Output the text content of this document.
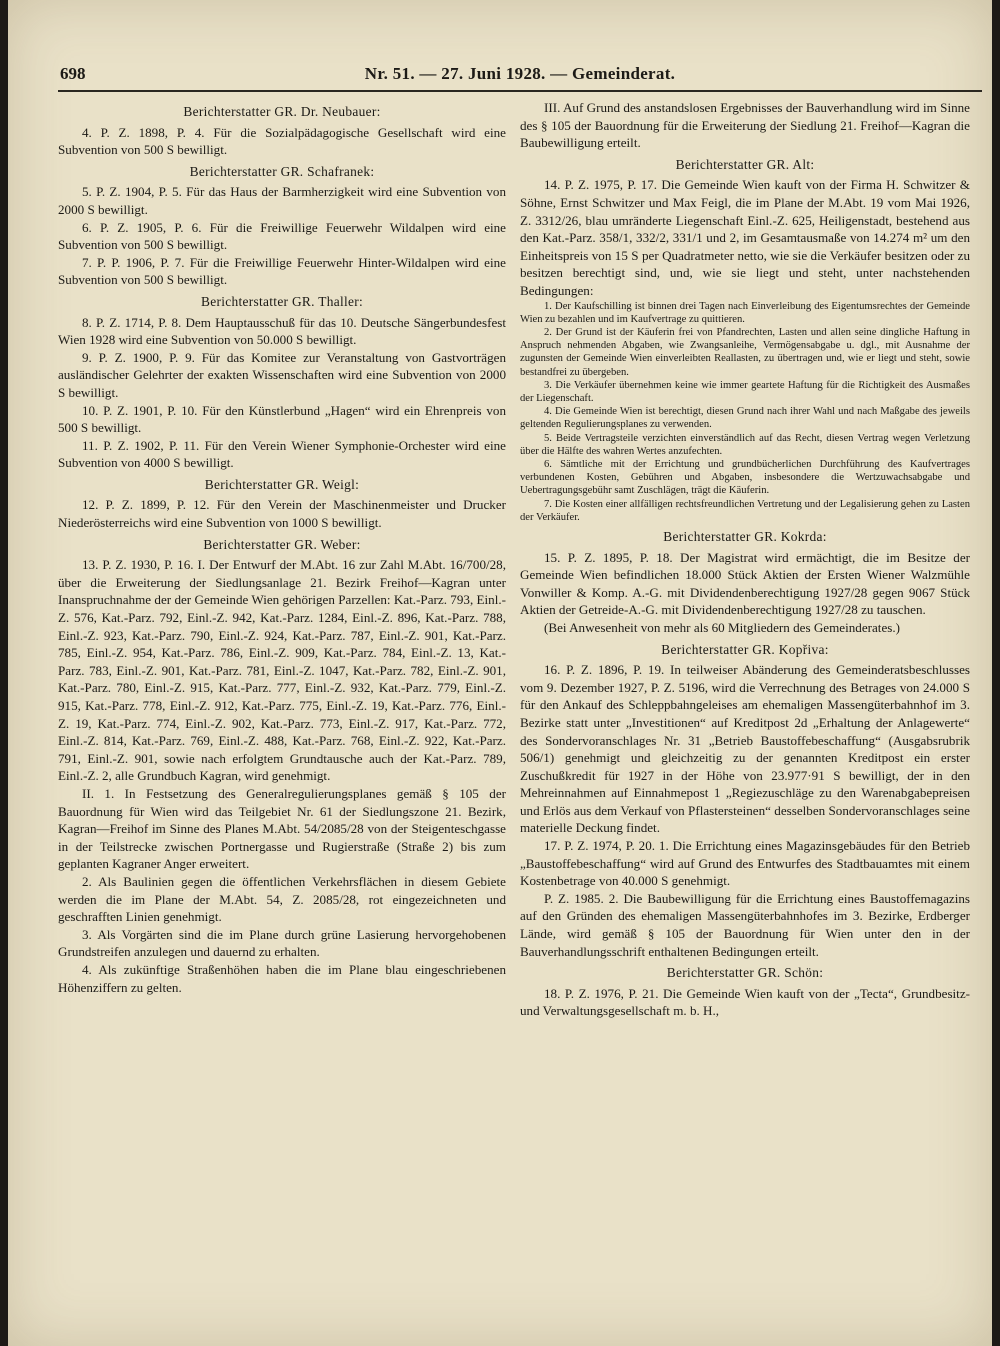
698	Nr. 51. — 27. Juni 1928. — Gemeinderat.
Berichterstatter GR. Dr. Neubauer:

4. P. Z. 1898, P. 4. Für die Sozialpädagogische Gesellschaft wird eine Subvention von 500 S bewilligt.

Berichterstatter GR. Schafranek:

5. P. Z. 1904, P. 5. Für das Haus der Barmherzigkeit wird eine Subvention von 2000 S bewilligt.

6. P. Z. 1905, P. 6. Für die Freiwillige Feuerwehr Wildalpen wird eine Subvention von 500 S bewilligt.

7. P. P. 1906, P. 7. Für die Freiwillige Feuerwehr Hinter-Wildalpen wird eine Subvention von 500 S bewilligt.

Berichterstatter GR. Thaller:

8. P. Z. 1714, P. 8. Dem Hauptausschuß für das 10. Deutsche Sängerbundesfest Wien 1928 wird eine Subvention von 50.000 S bewilligt.

9. P. Z. 1900, P. 9. Für das Komitee zur Veranstaltung von Gastvorträgen ausländischer Gelehrter der exakten Wissenschaften wird eine Subvention von 2000 S bewilligt.

10. P. Z. 1901, P. 10. Für den Künstlerbund „Hagen“ wird ein Ehrenpreis von 500 S bewilligt.

11. P. Z. 1902, P. 11. Für den Verein Wiener Symphonie-Orchester wird eine Subvention von 4000 S bewilligt.

Berichterstatter GR. Weigl:

12. P. Z. 1899, P. 12. Für den Verein der Maschinenmeister und Drucker Niederösterreichs wird eine Subvention von 1000 S bewilligt.

Berichterstatter GR. Weber:

13. P. Z. 1930, P. 16. I. Der Entwurf der M.Abt. 16 zur Zahl M.Abt. 16/700/28, über die Erweiterung der Siedlungsanlage 21. Bezirk Freihof—Kagran unter Inanspruchnahme der der Gemeinde Wien gehörigen Parzellen: Kat.-Parz. 793, Einl.-Z. 576, Kat.-Parz. 792, Einl.-Z. 942, Kat.-Parz. 1284, Einl.-Z. 896, Kat.-Parz. 788, Einl.-Z. 923, Kat.-Parz. 790, Einl.-Z. 924, Kat.-Parz. 787, Einl.-Z. 901, Kat.-Parz. 785, Einl.-Z. 954, Kat.-Parz. 786, Einl.-Z. 909, Kat.-Parz. 784, Einl.-Z. 13, Kat.-Parz. 783, Einl.-Z. 901, Kat.-Parz. 781, Einl.-Z. 1047, Kat.-Parz. 782, Einl.-Z. 901, Kat.-Parz. 780, Einl.-Z. 915, Kat.-Parz. 777, Einl.-Z. 932, Kat.-Parz. 779, Einl.-Z. 915, Kat.-Parz. 778, Einl.-Z. 912, Kat.-Parz. 775, Einl.-Z. 19, Kat.-Parz. 776, Einl.-Z. 19, Kat.-Parz. 774, Einl.-Z. 902, Kat.-Parz. 773, Einl.-Z. 917, Kat.-Parz. 772, Einl.-Z. 814, Kat.-Parz. 769, Einl.-Z. 488, Kat.-Parz. 768, Einl.-Z. 922, Kat.-Parz. 791, Einl.-Z. 901, sowie nach erfolgtem Grundtausche auch der Kat.-Parz. 789, Einl.-Z. 2, alle Grundbuch Kagran, wird genehmigt.

II. 1. In Festsetzung des Generalregulierungsplanes gemäß § 105 der Bauordnung für Wien wird das Teilgebiet Nr. 61 der Siedlungszone 21. Bezirk, Kagran—Freihof im Sinne des Planes M.Abt. 54/2085/28 von der Steigenteschgasse in der Teilstrecke zwischen Portnergasse und Rugierstraße (Straße 2) bis zum geplanten Kagraner Anger erweitert.

2. Als Baulinien gegen die öffentlichen Verkehrsflächen in diesem Gebiete werden die im Plane der M.Abt. 54, Z. 2085/28, rot eingezeichneten und geschrafften Linien genehmigt.

3. Als Vorgärten sind die im Plane durch grüne Lasierung hervorgehobenen Grundstreifen anzulegen und dauernd zu erhalten.

4. Als zukünftige Straßenhöhen haben die im Plane blau eingeschriebenen Höhenziffern zu gelten.

III. Auf Grund des anstandslosen Ergebnisses der Bauverhandlung wird im Sinne des § 105 der Bauordnung für die Erweiterung der Siedlung 21. Freihof—Kagran die Baubewilligung erteilt.

Berichterstatter GR. Alt:

14. P. Z. 1975, P. 17. Die Gemeinde Wien kauft von der Firma H. Schwitzer & Söhne, Ernst Schwitzer und Max Feigl, die im Plane der M.Abt. 19 vom Mai 1926, Z. 3312/26, blau umränderte Liegenschaft Einl.-Z. 625, Heiligenstadt, bestehend aus den Kat.-Parz. 358/1, 332/2, 331/1 und 2, im Gesamtausmaße von 14.274 m² um den Einheitspreis von 15 S per Quadratmeter netto, wie sie die Verkäufer besitzen oder zu besitzen berechtigt sind, und, wie sie liegt und steht, unter nachstehenden Bedingungen:

1. Der Kaufschilling ist binnen drei Tagen nach Einverleibung des Eigentumsrechtes der Gemeinde Wien zu bezahlen und im Kaufvertrage zu quittieren.

2. Der Grund ist der Käuferin frei von Pfandrechten, Lasten und allen seine dingliche Haftung in Anspruch nehmenden Abgaben, wie Zwangsanleihe, Vermögensabgabe u. dgl., mit Ausnahme der zugunsten der Gemeinde Wien einverleibten Reallasten, zu übertragen und, wie er liegt und steht, sowie bestandfrei zu übergeben.

3. Die Verkäufer übernehmen keine wie immer geartete Haftung für die Richtigkeit des Ausmaßes der Liegenschaft.

4. Die Gemeinde Wien ist berechtigt, diesen Grund nach ihrer Wahl und nach Maßgabe des jeweils geltenden Regulierungsplanes zu verwenden.

5. Beide Vertragsteile verzichten einverständlich auf das Recht, diesen Vertrag wegen Verletzung über die Hälfte des wahren Wertes anzufechten.

6. Sämtliche mit der Errichtung und grundbücherlichen Durchführung des Kaufvertrages verbundenen Kosten, Gebühren und Abgaben, insbesondere die Wertzuwachsabgabe und Uebertragungsgebühr samt Zuschlägen, trägt die Käuferin.

7. Die Kosten einer allfälligen rechtsfreundlichen Vertretung und der Legalisierung gehen zu Lasten der Verkäufer.

Berichterstatter GR. Kokrda:

15. P. Z. 1895, P. 18. Der Magistrat wird ermächtigt, die im Besitze der Gemeinde Wien befindlichen 18.000 Stück Aktien der Ersten Wiener Walzmühle Vonwiller & Komp. A.-G. mit Dividendenberechtigung 1927/28 gegen 9067 Stück Aktien der Getreide-A.-G. mit Dividendenberechtigung 1927/28 zu tauschen.

(Bei Anwesenheit von mehr als 60 Mitgliedern des Gemeinderates.)

Berichterstatter GR. Kopřiva:

16. P. Z. 1896, P. 19. In teilweiser Abänderung des Gemeinderatsbeschlusses vom 9. Dezember 1927, P. Z. 5196, wird die Verrechnung des Betrages von 24.000 S für den Ankauf des Schleppbahngeleises am ehemaligen Massengüterbahnhof im 3. Bezirke statt unter „Investitionen“ auf Kreditpost 2d „Erhaltung der Anlagewerte“ des Sondervoranschlages Nr. 31 „Betrieb Baustoffebeschaffung“ (Ausgabsrubrik 506/1) genehmigt und gleichzeitig zu der genannten Kreditpost ein erster Zuschußkredit für 1927 in der Höhe von 23.977·91 S bewilligt, der in den Mehreinnahmen auf Einnahmepost 1 „Regiezuschläge zu den Warenabgabepreisen und Erlös aus dem Verkauf von Pflastersteinen“ desselben Sondervoranschlages seine materielle Deckung findet.

17. P. Z. 1974, P. 20. 1. Die Errichtung eines Magazinsgebäudes für den Betrieb „Baustoffebeschaffung“ wird auf Grund des Entwurfes des Stadtbauamtes mit einem Kostenbetrage von 40.000 S genehmigt.

P. Z. 1985. 2. Die Baubewilligung für die Errichtung eines Baustoffemagazins auf den Gründen des ehemaligen Massengüterbahnhofes im 3. Bezirke, Erdberger Lände, wird gemäß § 105 der Bauordnung für Wien unter den in der Bauverhandlungsschrift enthaltenen Bedingungen erteilt.

Berichterstatter GR. Schön:

18. P. Z. 1976, P. 21. Die Gemeinde Wien kauft von der „Tecta“, Grundbesitz- und Verwaltungsgesellschaft m. b. H.,
